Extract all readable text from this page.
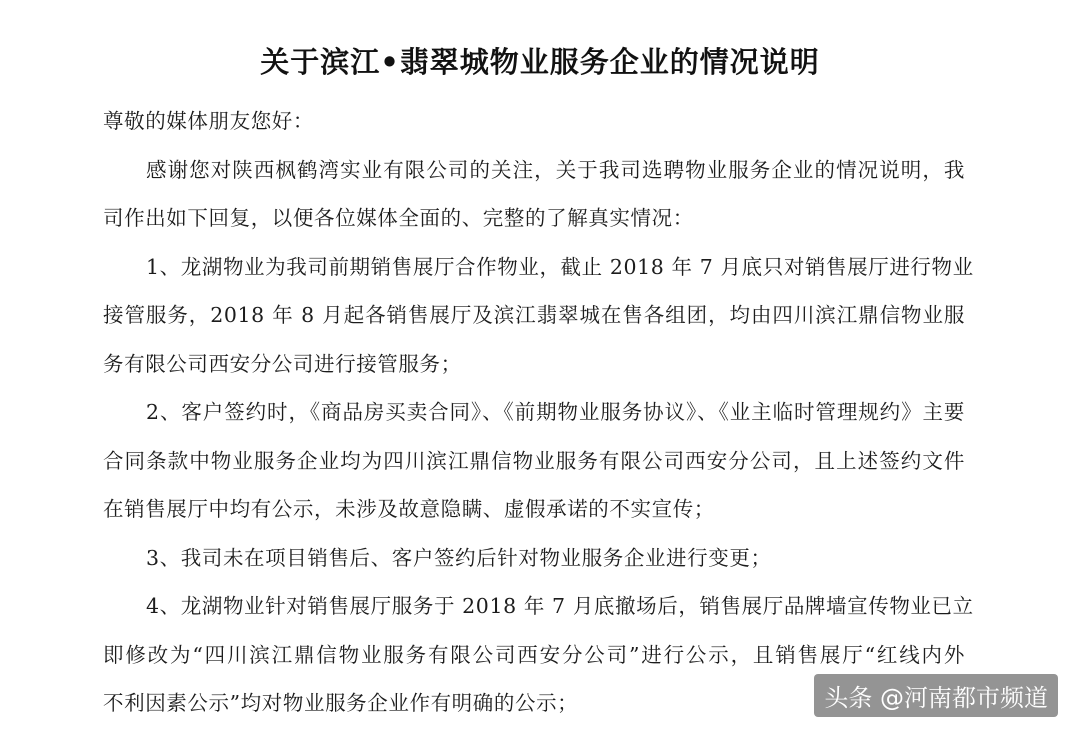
关于滨江•翡翠城物业服务企业的情况说明
尊敬的媒体朋友您好：
感谢您对陕西枫鹤湾实业有限公司的关注，关于我司选聘物业服务企业的情况说明，我
司作出如下回复，以便各位媒体全面的、完整的了解真实情况：
1、龙湖物业为我司前期销售展厅合作物业，截止 2018 年 7 月底只对销售展厅进行物业
接管服务，2018 年 8 月起各销售展厅及滨江翡翠城在售各组团，均由四川滨江鼎信物业服
务有限公司西安分公司进行接管服务；
2、客户签约时，《商品房买卖合同》、《前期物业服务协议》、《业主临时管理规约》主要
合同条款中物业服务企业均为四川滨江鼎信物业服务有限公司西安分公司，且上述签约文件
在销售展厅中均有公示，未涉及故意隐瞒、虚假承诺的不实宣传；
3、我司未在项目销售后、客户签约后针对物业服务企业进行变更；
4、龙湖物业针对销售展厅服务于 2018 年 7 月底撤场后，销售展厅品牌墙宣传物业已立
即修改为“四川滨江鼎信物业服务有限公司西安分公司”进行公示，且销售展厅“红线内外
不利因素公示”均对物业服务企业作有明确的公示；	头条 @河南都市频道
